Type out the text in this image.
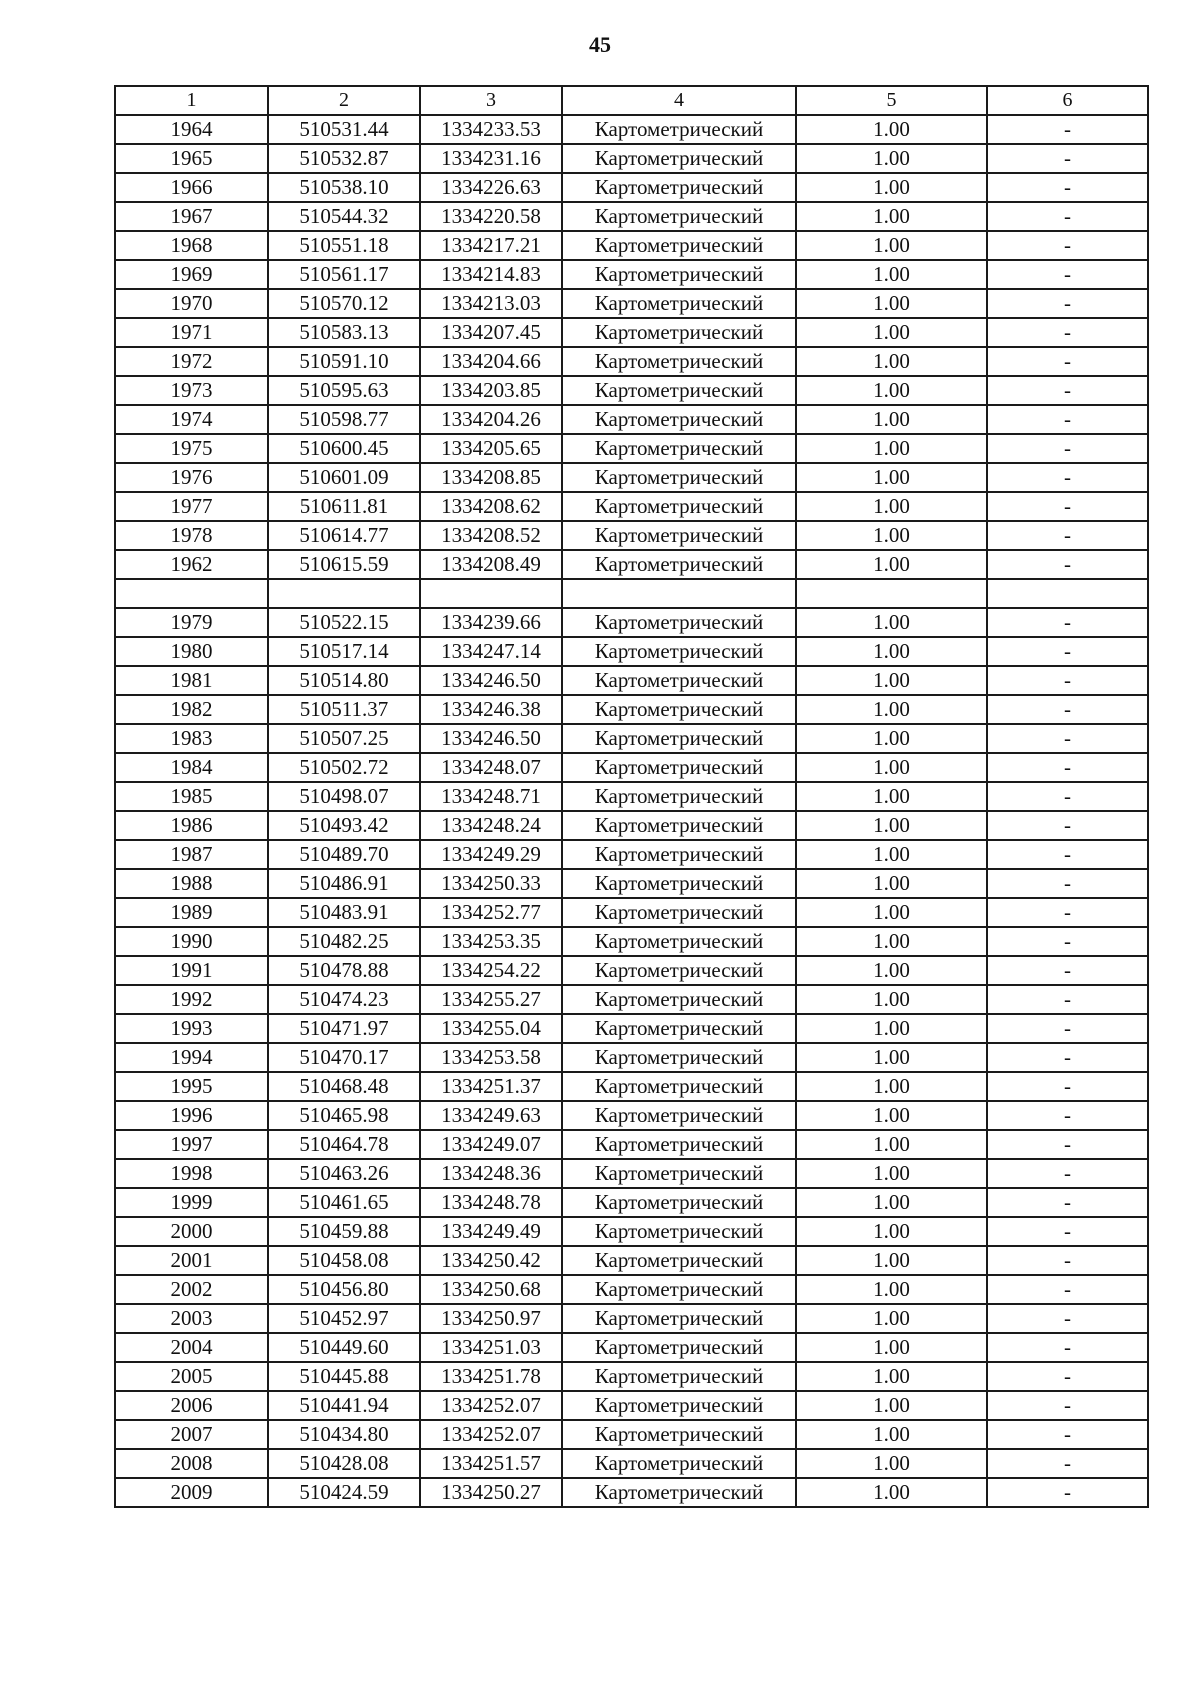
45
1	2	3	4	5	6
1964	510531.44	1334233.53	Картометрический	1.00	-
1965	510532.87	1334231.16	Картометрический	1.00	-
1966	510538.10	1334226.63	Картометрический	1.00	-
1967	510544.32	1334220.58	Картометрический	1.00	-
1968	510551.18	1334217.21	Картометрический	1.00	-
1969	510561.17	1334214.83	Картометрический	1.00	-
1970	510570.12	1334213.03	Картометрический	1.00	-
1971	510583.13	1334207.45	Картометрический	1.00	-
1972	510591.10	1334204.66	Картометрический	1.00	-
1973	510595.63	1334203.85	Картометрический	1.00	-
1974	510598.77	1334204.26	Картометрический	1.00	-
1975	510600.45	1334205.65	Картометрический	1.00	-
1976	510601.09	1334208.85	Картометрический	1.00	-
1977	510611.81	1334208.62	Картометрический	1.00	-
1978	510614.77	1334208.52	Картометрический	1.00	-
1962	510615.59	1334208.49	Картометрический	1.00	-

1979	510522.15	1334239.66	Картометрический	1.00	-
1980	510517.14	1334247.14	Картометрический	1.00	-
1981	510514.80	1334246.50	Картометрический	1.00	-
1982	510511.37	1334246.38	Картометрический	1.00	-
1983	510507.25	1334246.50	Картометрический	1.00	-
1984	510502.72	1334248.07	Картометрический	1.00	-
1985	510498.07	1334248.71	Картометрический	1.00	-
1986	510493.42	1334248.24	Картометрический	1.00	-
1987	510489.70	1334249.29	Картометрический	1.00	-
1988	510486.91	1334250.33	Картометрический	1.00	-
1989	510483.91	1334252.77	Картометрический	1.00	-
1990	510482.25	1334253.35	Картометрический	1.00	-
1991	510478.88	1334254.22	Картометрический	1.00	-
1992	510474.23	1334255.27	Картометрический	1.00	-
1993	510471.97	1334255.04	Картометрический	1.00	-
1994	510470.17	1334253.58	Картометрический	1.00	-
1995	510468.48	1334251.37	Картометрический	1.00	-
1996	510465.98	1334249.63	Картометрический	1.00	-
1997	510464.78	1334249.07	Картометрический	1.00	-
1998	510463.26	1334248.36	Картометрический	1.00	-
1999	510461.65	1334248.78	Картометрический	1.00	-
2000	510459.88	1334249.49	Картометрический	1.00	-
2001	510458.08	1334250.42	Картометрический	1.00	-
2002	510456.80	1334250.68	Картометрический	1.00	-
2003	510452.97	1334250.97	Картометрический	1.00	-
2004	510449.60	1334251.03	Картометрический	1.00	-
2005	510445.88	1334251.78	Картометрический	1.00	-
2006	510441.94	1334252.07	Картометрический	1.00	-
2007	510434.80	1334252.07	Картометрический	1.00	-
2008	510428.08	1334251.57	Картометрический	1.00	-
2009	510424.59	1334250.27	Картометрический	1.00	-
